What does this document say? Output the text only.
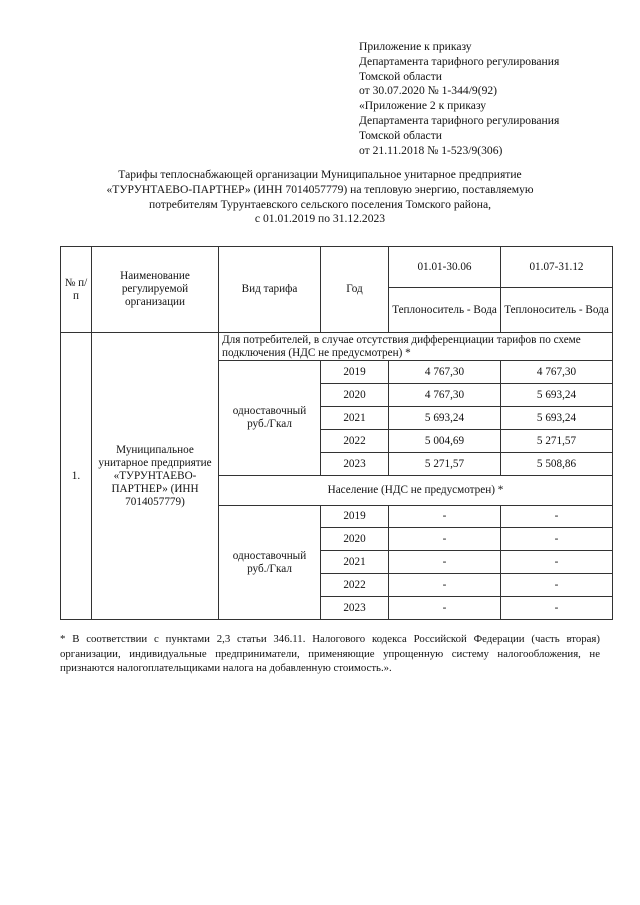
Приложение к приказу
Департамента тарифного регулирования
Томской области
от 30.07.2020 № 1-344/9(92)
«Приложение 2 к приказу
Департамента тарифного регулирования
Томской области
от 21.11.2018 № 1-523/9(306)
Тарифы теплоснабжающей организации Муниципальное унитарное предприятие
«ТУРУНТАЕВО-ПАРТНЕР» (ИНН 7014057779) на тепловую энергию, поставляемую
потребителям Турунтаевского сельского поселения Томского района,
с 01.01.2019 по 31.12.2023
№ п/п	Наименование регулируемой организации	Вид тарифа	Год	01.01-30.06	01.07-31.12
				Теплоноситель - Вода	Теплоноситель - Вода
1.	Муниципальное унитарное предприятие «ТУРУНТАЕВО-ПАРТНЕР» (ИНН 7014057779)	Для потребителей, в случае отсутствия дифференциации тарифов по схеме подключения (НДС не предусмотрен) *			
		одноставочный руб./Гкал	2019	4 767,30	4 767,30
			2020	4 767,30	5 693,24
			2021	5 693,24	5 693,24
			2022	5 004,69	5 271,57
			2023	5 271,57	5 508,86
		Население (НДС не предусмотрен) *			
		одноставочный руб./Гкал	2019	-	-
			2020	-	-
			2021	-	-
			2022	-	-
			2023	-	-
* В соответствии с пунктами 2,3 статьи 346.11. Налогового кодекса Российской Федерации (часть вторая) организации, индивидуальные предприниматели, применяющие упрощенную систему налогообложения, не признаются налогоплательщиками налога на добавленную стоимость.».
